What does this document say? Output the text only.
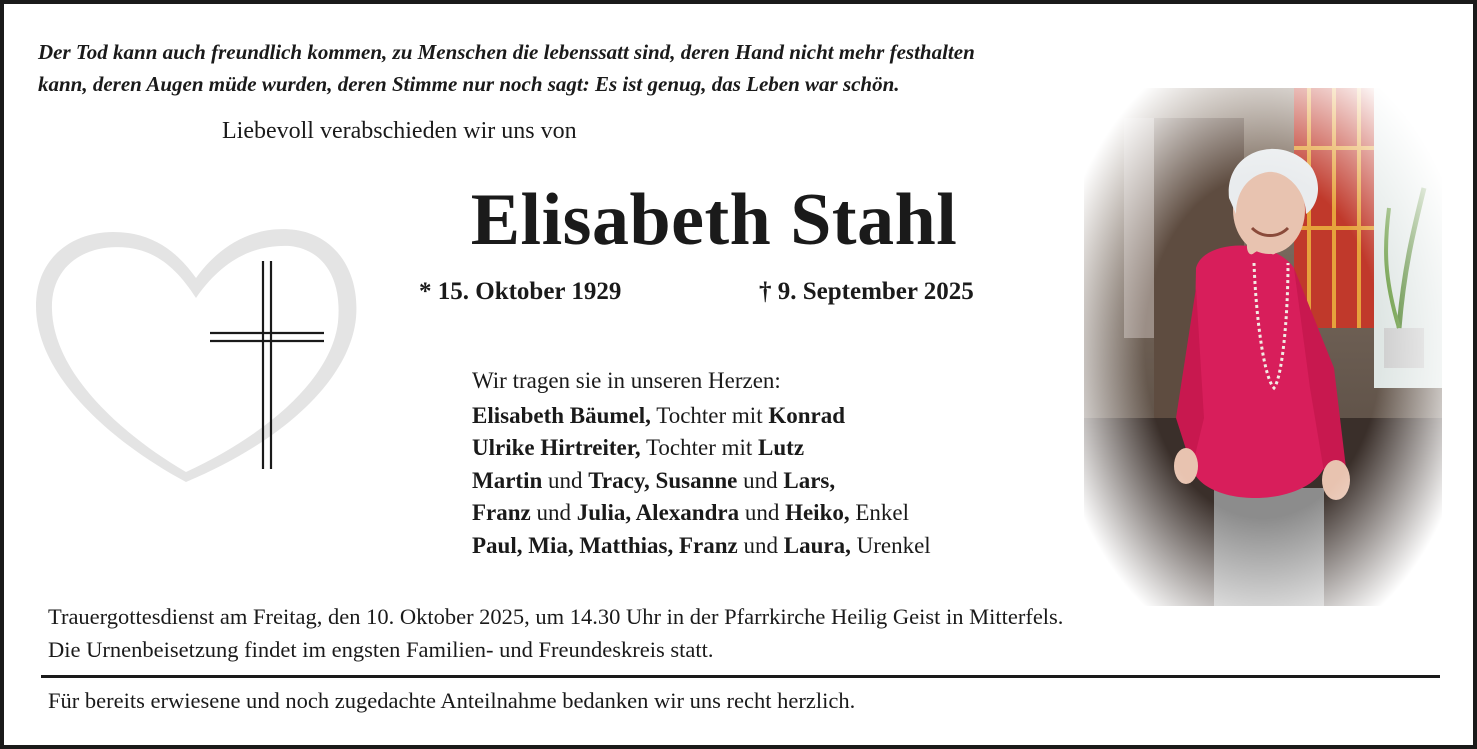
Der Tod kann auch freundlich kommen, zu Menschen die lebenssatt sind, deren Hand nicht mehr festhalten
kann, deren Augen müde wurden, deren Stimme nur noch sagt: Es ist genug, das Leben war schön.
Liebevoll verabschieden wir uns von
Elisabeth Stahl
* 15. Oktober 1929	† 9. September 2025
Wir tragen sie in unseren Herzen:
Elisabeth Bäumel, Tochter mit Konrad
Ulrike Hirtreiter, Tochter mit Lutz
Martin und Tracy, Susanne und Lars,
Franz und Julia, Alexandra und Heiko, Enkel
Paul, Mia, Matthias, Franz und Laura, Urenkel
Trauergottesdienst am Freitag, den 10. Oktober 2025, um 14.30 Uhr in der Pfarrkirche Heilig Geist in Mitterfels.
Die Urnenbeisetzung findet im engsten Familien- und Freundeskreis statt.
Für bereits erwiesene und noch zugedachte Anteilnahme bedanken wir uns recht herzlich.
